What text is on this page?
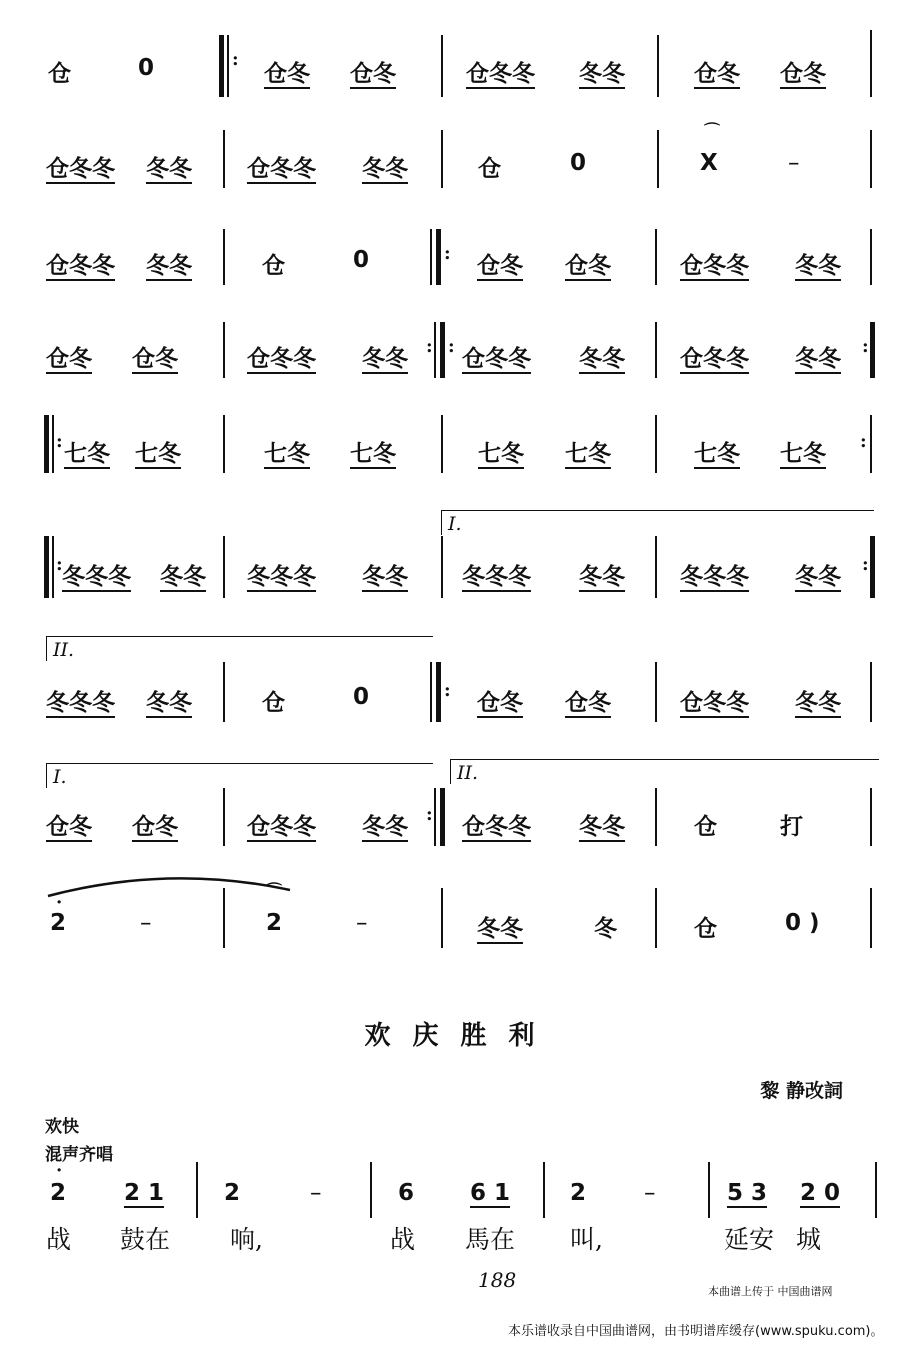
仓	0	:
仓冬 仓冬	仓冬冬 冬冬	仓冬 仓冬
仓冬冬 冬冬 仓冬冬 冬冬	仓	0	X
⌒
–
仓冬冬 冬冬	仓	0	: 仓冬 仓冬	仓冬冬 冬冬
仓冬 仓冬	仓冬冬 冬冬 : : 仓冬冬 冬冬 仓冬冬 冬冬 :
: 七冬 七冬	七冬 七冬	七冬 七冬	七冬 七冬 :
I.
: 冬冬冬 冬冬 冬冬冬 冬冬 冬冬冬 冬冬 冬冬冬 冬冬 :
II.
冬冬冬 冬冬	仓	0	: 仓冬 仓冬	仓冬冬 冬冬
I.	II.
仓冬 仓冬	仓冬冬 冬冬 : 仓冬冬 冬冬	仓	打
·
2	–
⌒
2	–	冬冬	冬	仓	0 )
欢庆胜利
黎 静改詞
欢快
混声齐唱
·
2	2 1	2	–	6 6 1	2	–	5 3 2 0
战 鼓在 响,	战 馬在 叫,	延安 城
188	本曲谱上传于 中国曲谱网
本乐谱收录自中国曲谱网，由书明谱库缓存(www.spuku.com)。
